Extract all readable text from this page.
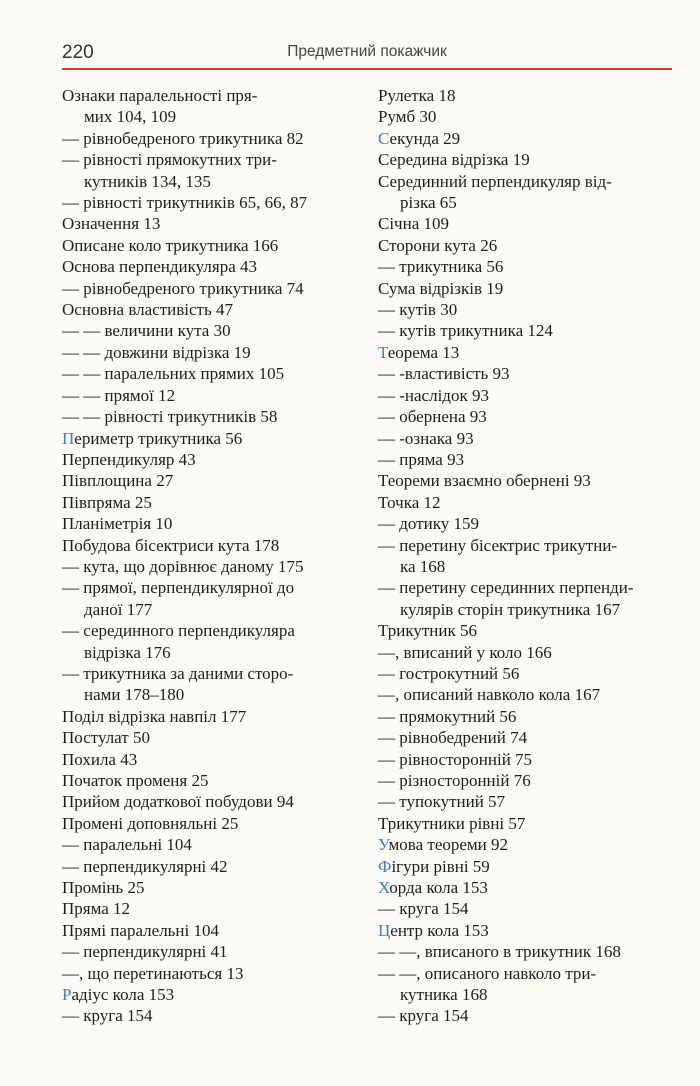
220	Предметний покажчик
Ознаки паралельності пря-
мих 104, 109
— рівнобедреного трикутника 82
— рівності прямокутних три-
кутників 134, 135
— рівності трикутників 65, 66, 87
Означення 13
Описане коло трикутника 166
Основа перпендикуляра 43
— рівнобедреного трикутника 74
Основна властивість 47
— — величини кута 30
— — довжини відрізка 19
— — паралельних прямих 105
— — прямої 12
— — рівності трикутників 58
Периметр трикутника 56
Перпендикуляр 43
Півплощина 27
Півпряма 25
Планіметрія 10
Побудова бісектриси кута 178
— кута, що дорівнює даному 175
— прямої, перпендикулярної до
даної 177
— серединного перпендикуляра
відрізка 176
— трикутника за даними сторо-
нами 178–180
Поділ відрізка навпіл 177
Постулат 50
Похила 43
Початок променя 25
Прийом додаткової побудови 94
Промені доповняльні 25
— паралельні 104
— перпендикулярні 42
Промінь 25
Пряма 12
Прямі паралельні 104
— перпендикулярні 41
—, що перетинаються 13
Радіус кола 153
— круга 154
Рулетка 18
Румб 30
Секунда 29
Середина відрізка 19
Серединний перпендикуляр від-
різка 65
Січна 109
Сторони кута 26
— трикутника 56
Сума відрізків 19
— кутів 30
— кутів трикутника 124
Теорема 13
— -властивість 93
— -наслідок 93
— обернена 93
— -ознака 93
— пряма 93
Теореми взаємно обернені 93
Точка 12
— дотику 159
— перетину бісектрис трикутни-
ка 168
— перетину серединних перпенди-
кулярів сторін трикутника 167
Трикутник 56
—, вписаний у коло 166
— гострокутний 56
—, описаний навколо кола 167
— прямокутний 56
— рівнобедрений 74
— рівносторонній 75
— різносторонній 76
— тупокутний 57
Трикутники рівні 57
Умова теореми 92
Фігури рівні 59
Хорда кола 153
— круга 154
Центр кола 153
— —, вписаного в трикутник 168
— —, описаного навколо три-
кутника 168
— круга 154
